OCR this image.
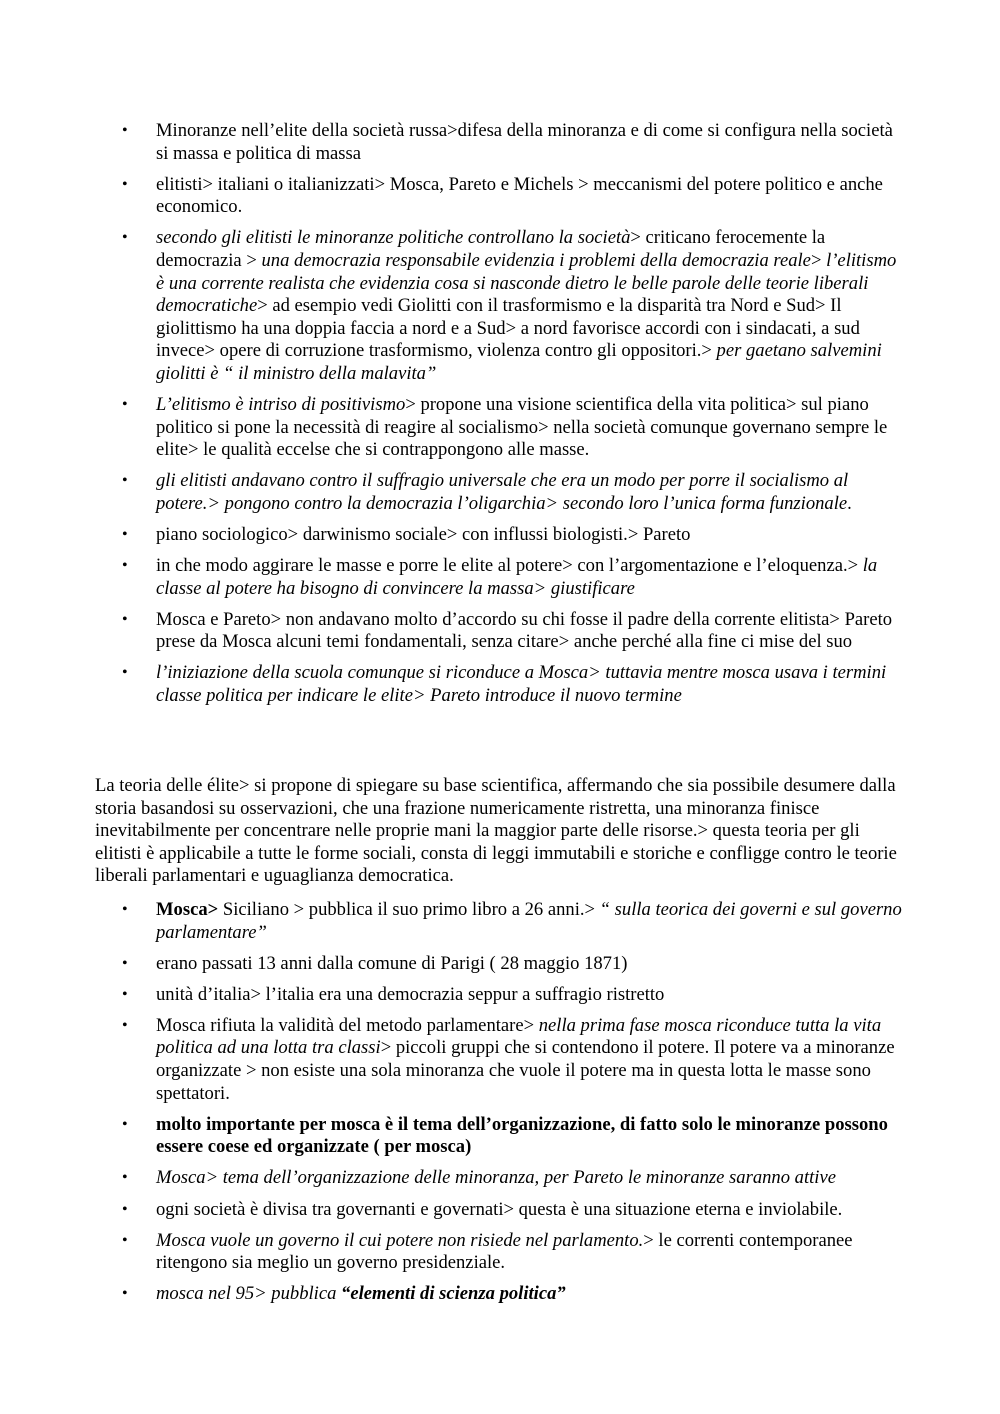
• Minoranze nell’elite della società russa>difesa della minoranza e di come si configura nella società si massa e politica di massa
• elitisti> italiani o italianizzati> Mosca, Pareto e Michels > meccanismi del potere politico e anche economico.
• secondo gli elitisti le minoranze politiche controllano la società> criticano ferocemente la democrazia > una democrazia responsabile evidenzia i problemi della democrazia reale> l’elitismo è una corrente realista che evidenzia cosa si nasconde dietro le belle parole delle teorie liberali democratiche> ad esempio vedi Giolitti con il trasformismo e la disparità tra Nord e Sud> Il giolittismo ha una doppia faccia a nord e a Sud> a nord favorisce accordi con i sindacati, a sud invece> opere di corruzione trasformismo, violenza contro gli oppositori.> per gaetano salvemini giolitti è “ il ministro della malavita”
• L’elitismo è intriso di positivismo> propone una visione scientifica della vita politica> sul piano politico si pone la necessità di reagire al socialismo> nella società comunque governano sempre le elite> le qualità eccelse che si contrappongono alle masse.
• gli elitisti andavano contro il suffragio universale che era un modo per porre il socialismo al potere.> pongono contro la democrazia l’oligarchia> secondo loro l’unica forma funzionale.
• piano sociologico> darwinismo sociale> con influssi biologisti.> Pareto
• in che modo aggirare le masse e porre le elite al potere> con l’argomentazione e l’eloquenza.> la classe al potere ha bisogno di convincere la massa> giustificare
• Mosca e Pareto> non andavano molto d’accordo su chi fosse il padre della corrente elitista> Pareto prese da Mosca alcuni temi fondamentali, senza citare> anche perché alla fine ci mise del suo
• l’iniziazione della scuola comunque si riconduce a Mosca> tuttavia mentre mosca usava i termini classe politica per indicare le elite> Pareto introduce il nuovo termine

La teoria delle élite> si propone di spiegare su base scientifica, affermando che sia possibile desumere dalla storia basandosi su osservazioni, che una frazione numericamente ristretta, una minoranza finisce inevitabilmente per concentrare nelle proprie mani la maggior parte delle risorse.> questa teoria per gli elitisti è applicabile a tutte le forme sociali, consta di leggi immutabili e storiche e confligge contro le teorie liberali parlamentari e uguaglianza democratica.

• Mosca> Siciliano > pubblica il suo primo libro a 26 anni.> “ sulla teorica dei governi e sul governo parlamentare”
• erano passati 13 anni dalla comune di Parigi ( 28 maggio 1871)
• unità d’italia> l’italia era una democrazia seppur a suffragio ristretto
• Mosca rifiuta la validità del metodo parlamentare> nella prima fase mosca riconduce tutta la vita politica ad una lotta tra classi> piccoli gruppi che si contendono il potere. Il potere va a minoranze organizzate > non esiste una sola minoranza che vuole il potere ma in questa lotta le masse sono spettatori.
• molto importante per mosca è il tema dell’organizzazione, di fatto solo le minoranze possono essere coese ed organizzate ( per mosca)
• Mosca> tema dell’organizzazione delle minoranza, per Pareto le minoranze saranno attive
• ogni società è divisa tra governanti e governati> questa è una situazione eterna e inviolabile.
• Mosca vuole un governo il cui potere non risiede nel parlamento.> le correnti contemporanee ritengono sia meglio un governo presidenziale.
• mosca nel 95> pubblica “elementi di scienza politica”
